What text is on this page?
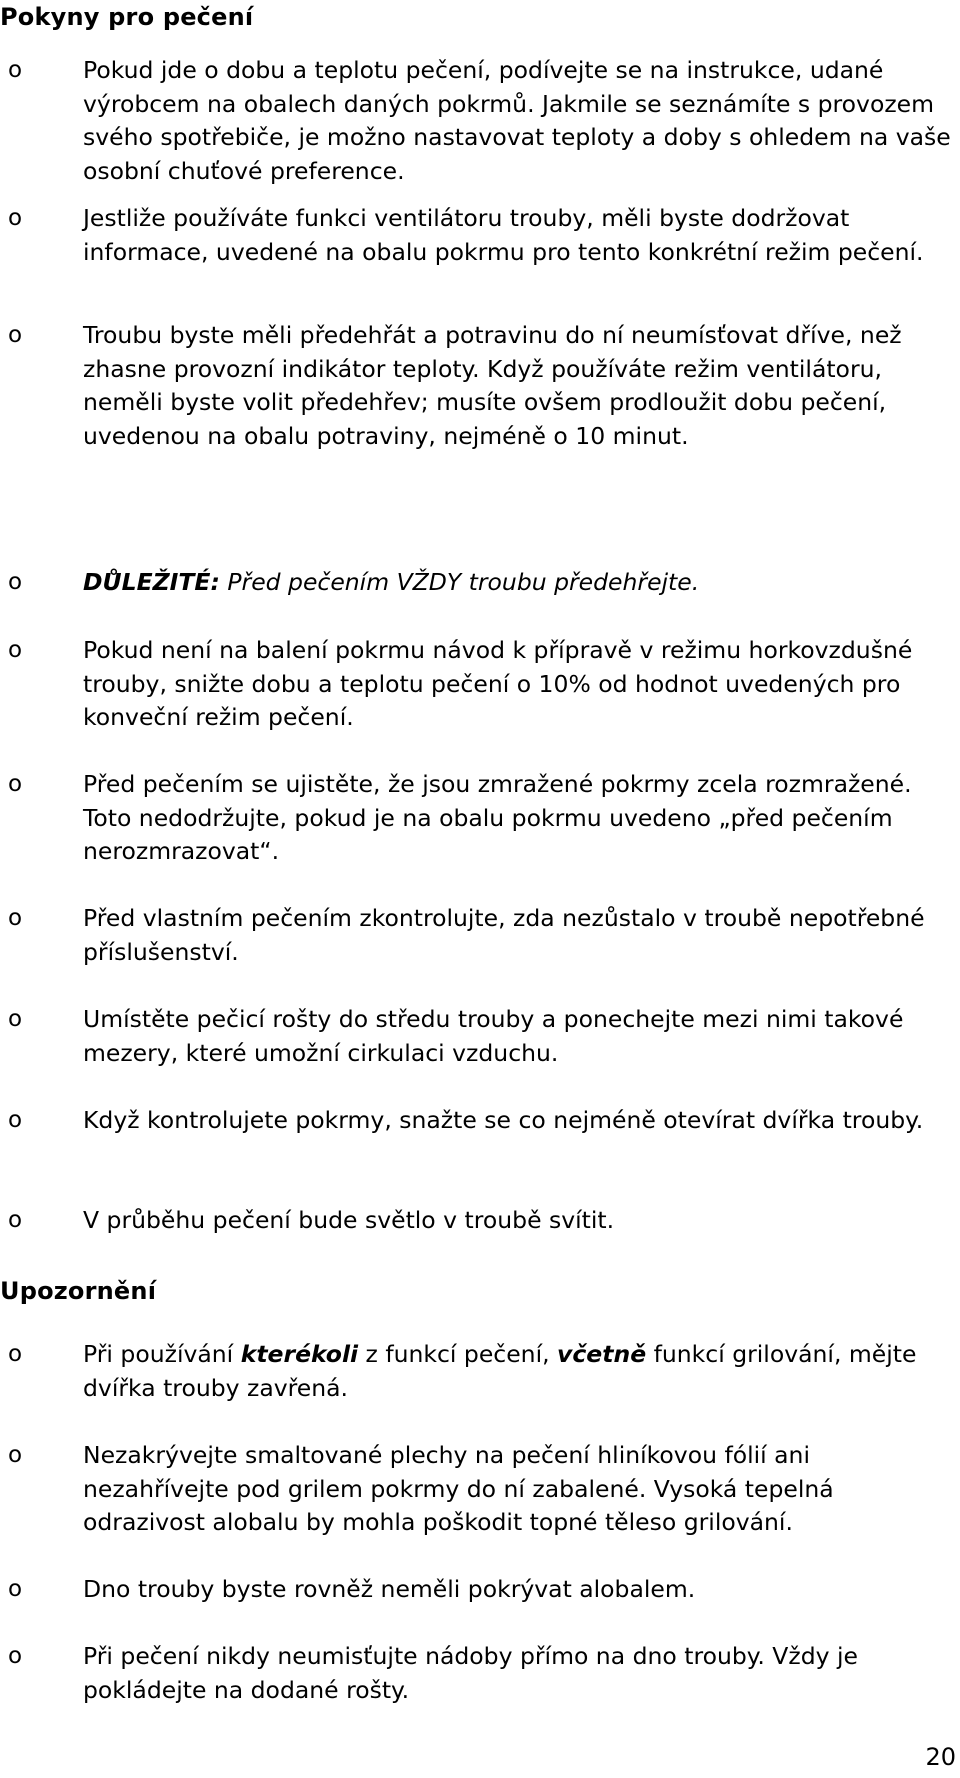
Pokyny pro pečení
o	Pokud jde o dobu a teplotu pečení, podívejte se na instrukce, udané výrobcem na obalech daných pokrmů. Jakmile se seznámíte s provozem svého spotřebiče, je možno nastavovat teploty a doby s ohledem na vaše osobní chuťové preference.
o	Jestliže používáte funkci ventilátoru trouby, měli byste dodržovat informace, uvedené na obalu pokrmu pro tento konkrétní režim pečení.
o	Troubu byste měli předehřát a potravinu do ní neumísťovat dříve, než zhasne provozní indikátor teploty. Když používáte režim ventilátoru, neměli byste volit předehřev; musíte ovšem prodloužit dobu pečení, uvedenou na obalu potraviny, nejméně o 10 minut.
o	DŮLEŽITÉ: Před pečením VŽDY troubu předehřejte.
o	Pokud není na balení pokrmu návod k přípravě v režimu horkovzdušné trouby, snižte dobu a teplotu pečení o 10% od hodnot uvedených pro konveční režim pečení.
o	Před pečením se ujistěte, že jsou zmražené pokrmy zcela rozmražené. Toto nedodržujte, pokud je na obalu pokrmu uvedeno „před pečením nerozmrazovat“.
o	Před vlastním pečením zkontrolujte, zda nezůstalo v troubě nepotřebné příslušenství.
o	Umístěte pečicí rošty do středu trouby a ponechejte mezi nimi takové mezery, které umožní cirkulaci vzduchu.
o	Když kontrolujete pokrmy, snažte se co nejméně otevírat dvířka trouby.
o	V průběhu pečení bude světlo v troubě svítit.
Upozornění
o	Při používání kterékoli z funkcí pečení, včetně funkcí grilování, mějte dvířka trouby zavřená.
o	Nezakrývejte smaltované plechy na pečení hliníkovou fólií ani nezahřívejte pod grilem pokrmy do ní zabalené. Vysoká tepelná odrazivost alobalu by mohla poškodit topné těleso grilování.
o	Dno trouby byste rovněž neměli pokrývat alobalem.
o	Při pečení nikdy neumisťujte nádoby přímo na dno trouby. Vždy je pokládejte na dodané rošty.
20
